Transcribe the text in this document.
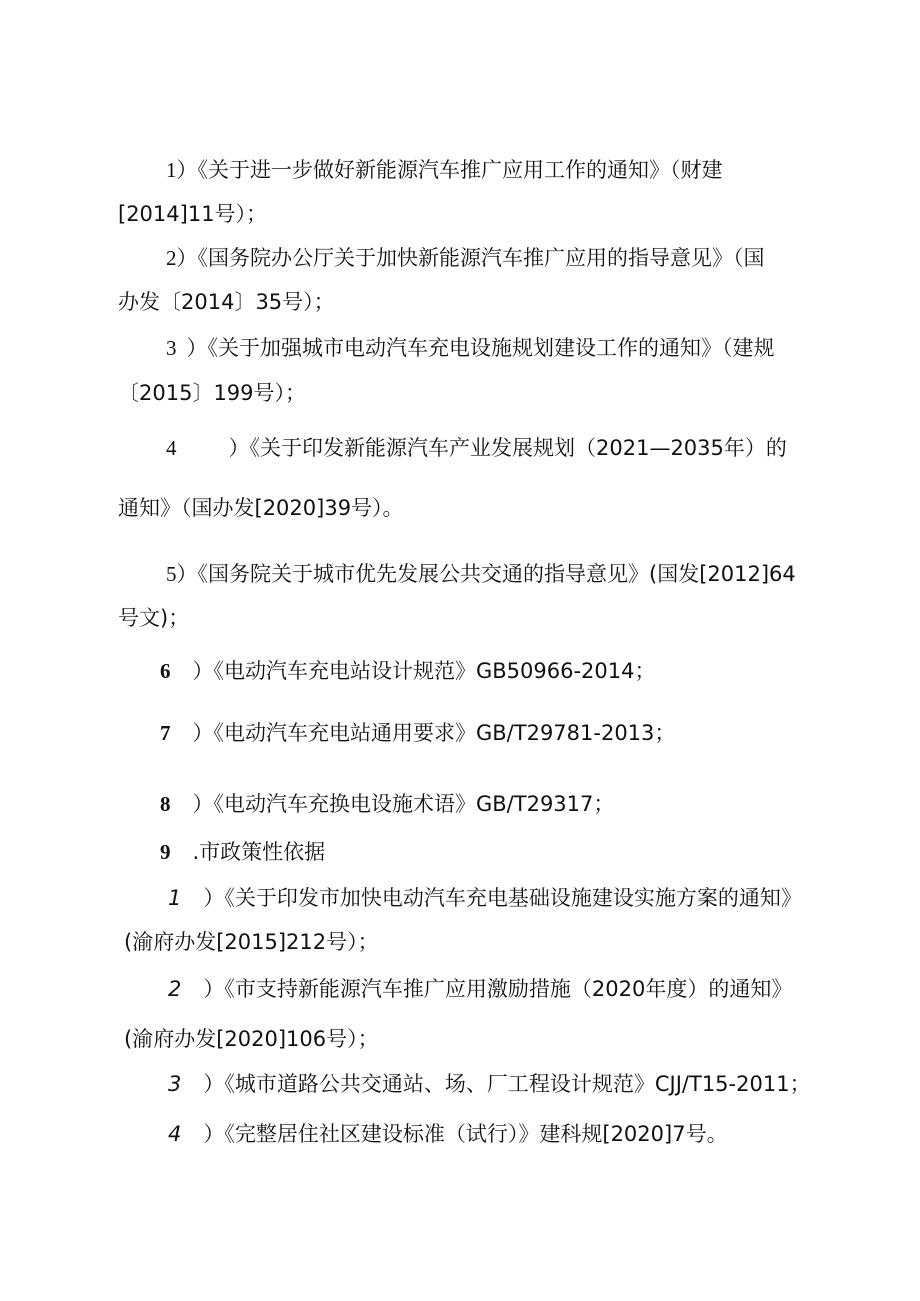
1）《关于进一步做好新能源汽车推广应用工作的通知》（财建
[2014]11号）；
2）《国务院办公厅关于加快新能源汽车推广应用的指导意见》（国
办发〔2014〕35号）；
3 ）《关于加强城市电动汽车充电设施规划建设工作的通知》（建规
〔2015〕199号）；
4 ）《关于印发新能源汽车产业发展规划（2021—2035年）的
通知》（国办发[2020]39号）。
5）《国务院关于城市优先发展公共交通的指导意见》(国发[2012]64
号文)；
6 ）《电动汽车充电站设计规范》GB50966-2014；
7 ）《电动汽车充电站通用要求》GB/T29781-2013；
8 ）《电动汽车充换电设施术语》GB/T29317；
9 .市政策性依据
1 ）《关于印发市加快电动汽车充电基础设施建设实施方案的通知》
(渝府办发[2015]212号）；
2 ）《市支持新能源汽车推广应用激励措施（2020年度）的通知》
(渝府办发[2020]106号）；
3 ）《城市道路公共交通站、场、厂工程设计规范》CJJ/T15-2011；
4 ）《完整居住社区建设标准（试行）》建科规[2020]7号。
